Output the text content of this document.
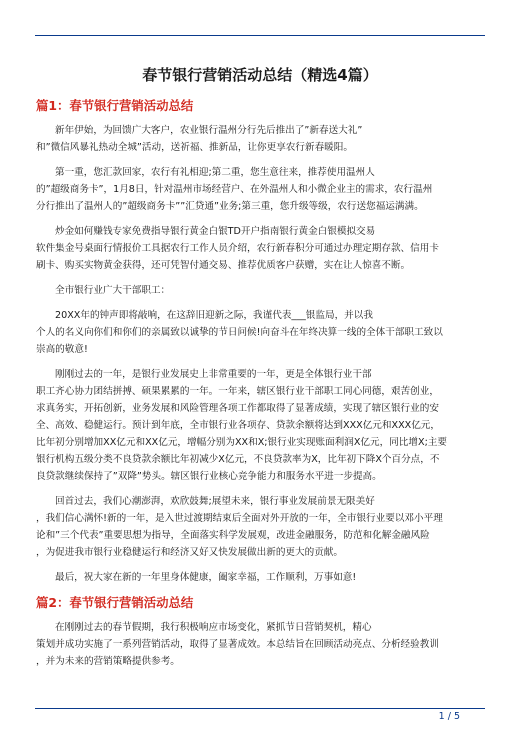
春节银行营销活动总结（精选4篇）
篇1：春节银行营销活动总结

新年伊始，为回馈广大客户，农业银行温州分行先后推出了”新春送大礼”
和”微信风暴礼热动全城”活动，送祈福、推新品，让你更享农行新春暖阳。

第一重，您汇款回家，农行有礼相迎;第二重，您生意往来，推荐使用温州人
的”超级商务卡”，1月8日，针对温州市场经营户、在外温州人和小微企业主的需求，农行温州
分行推出了温州人的”超级商务卡””汇贷通”业务;第三重，您升级等级，农行送您福运满满。

炒金如何赚钱专家免费指导银行黄金白银TD开户指南银行黄金白银模拟交易
软件集金号桌面行情报价工具据农行工作人员介绍，农行新春积分可通过办理定期存款、信用卡
刷卡、购买实物黄金获得，还可凭智付通交易、推荐优质客户获赠，实在让人惊喜不断。

全市银行业广大干部职工：

20XX年的钟声即将敲响，在这辞旧迎新之际，我谨代表___银监局，并以我
个人的名义向你们和你们的亲属致以诚挚的节日问候!向奋斗在年终决算一线的全体干部职工致以
崇高的敬意!

刚刚过去的一年，是银行业发展史上非常重要的一年，更是全体银行业干部
职工齐心协力团结拼搏、硕果累累的一年。一年来，辖区银行业干部职工同心同德，艰苦创业，
求真务实，开拓创新，业务发展和风险管理各项工作都取得了显著成绩，实现了辖区银行业的安
全、高效、稳健运行。预计到年底，全市银行业各项存、贷款余额将达到XXX亿元和XXX亿元，
比年初分别增加XX亿元和XX亿元，增幅分别为XX和X;银行业实现账面利润X亿元，同比增X;主要
银行机构五级分类不良贷款余额比年初减少X亿元，不良贷款率为X，比年初下降X个百分点，不
良贷款继续保持了”双降”势头。辖区银行业核心竞争能力和服务水平进一步提高。

回首过去，我们心潮澎湃，欢欣鼓舞;展望未来，银行事业发展前景无限美好
，我们信心满怀!新的一年，是入世过渡期结束后全面对外开放的一年，全市银行业要以邓小平理
论和”三个代表”重要思想为指导，全面落实科学发展观，改进金融服务，防范和化解金融风险
，为促进我市银行业稳健运行和经济又好又快发展做出新的更大的贡献。

最后，祝大家在新的一年里身体健康，阖家幸福，工作顺利，万事如意!

篇2：春节银行营销活动总结

在刚刚过去的春节假期，我行积极响应市场变化，紧抓节日营销契机，精心
策划并成功实施了一系列营销活动，取得了显著成效。本总结旨在回顾活动亮点、分析经验教训
，并为未来的营销策略提供参考。

1 / 5
